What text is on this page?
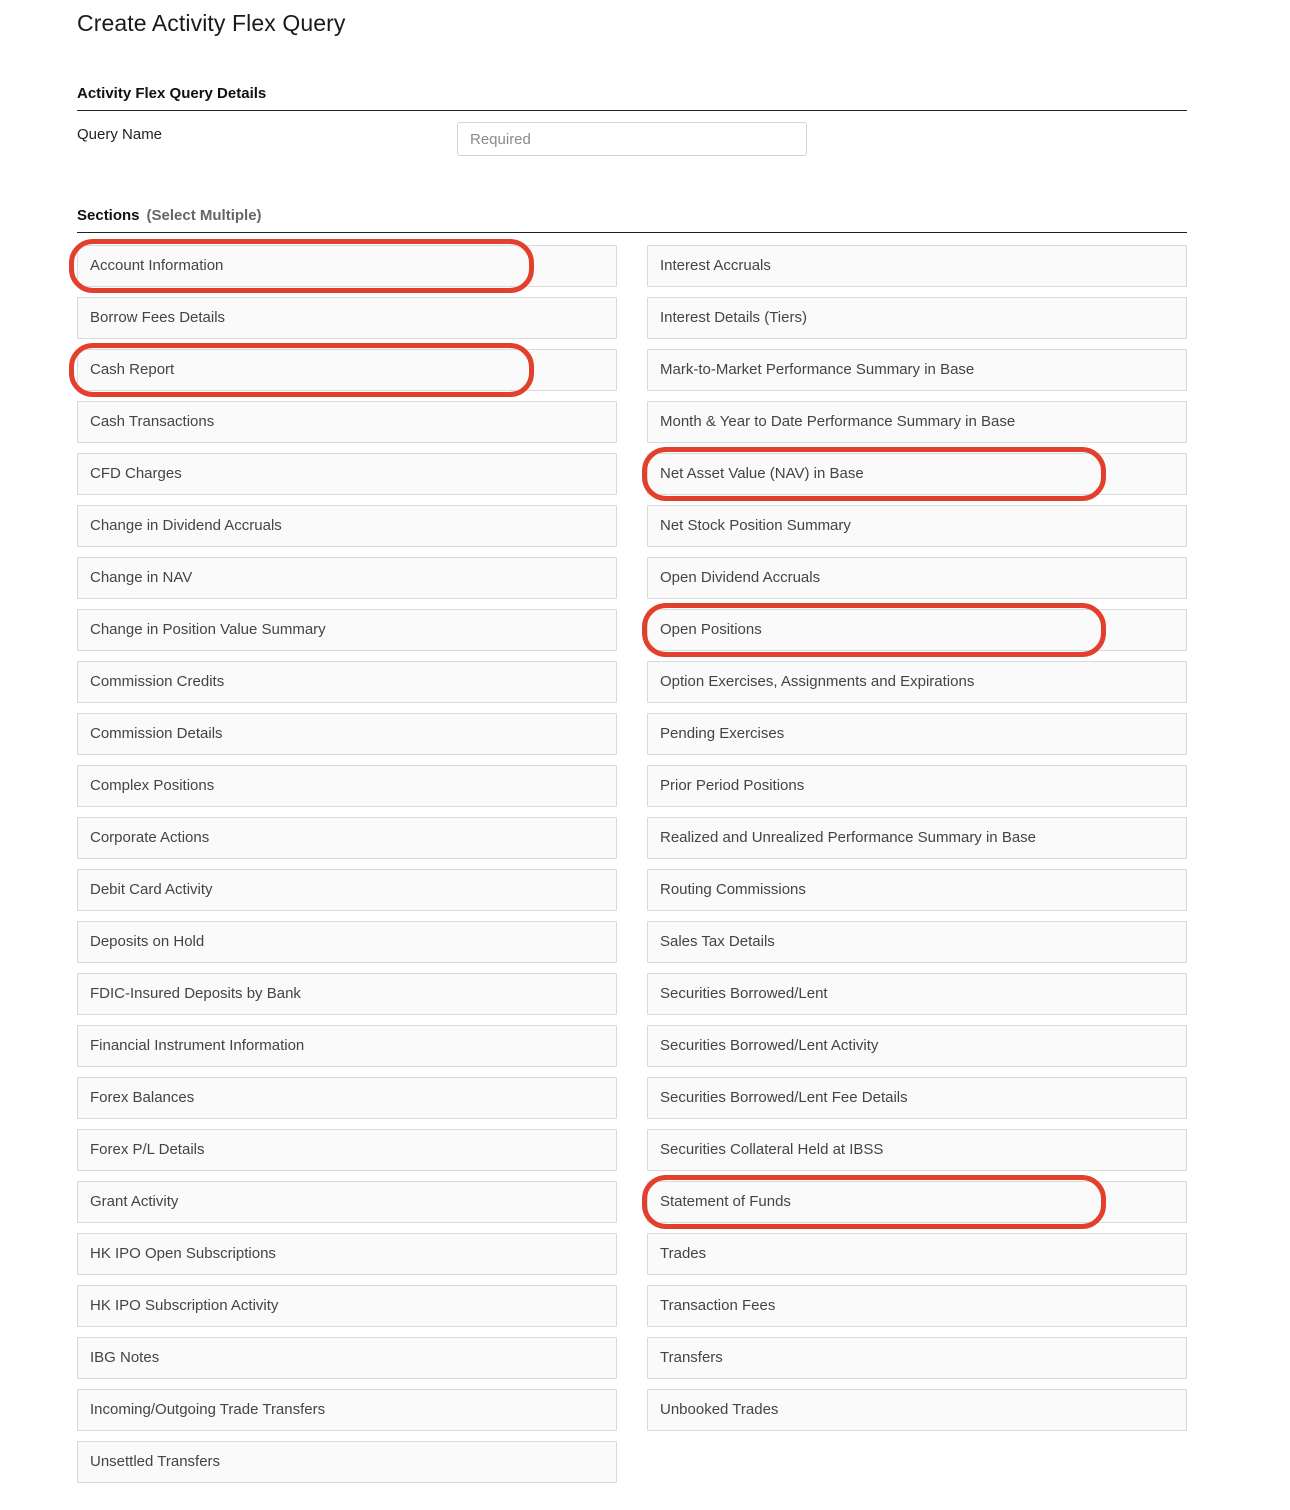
Create Activity Flex Query
Activity Flex Query Details
Query Name
Required
Sections (Select Multiple)
Account Information
Borrow Fees Details
Cash Report
Cash Transactions
CFD Charges
Change in Dividend Accruals
Change in NAV
Change in Position Value Summary
Commission Credits
Commission Details
Complex Positions
Corporate Actions
Debit Card Activity
Deposits on Hold
FDIC-Insured Deposits by Bank
Financial Instrument Information
Forex Balances
Forex P/L Details
Grant Activity
HK IPO Open Subscriptions
HK IPO Subscription Activity
IBG Notes
Incoming/Outgoing Trade Transfers
Unsettled Transfers
Interest Accruals
Interest Details (Tiers)
Mark-to-Market Performance Summary in Base
Month & Year to Date Performance Summary in Base
Net Asset Value (NAV) in Base
Net Stock Position Summary
Open Dividend Accruals
Open Positions
Option Exercises, Assignments and Expirations
Pending Exercises
Prior Period Positions
Realized and Unrealized Performance Summary in Base
Routing Commissions
Sales Tax Details
Securities Borrowed/Lent
Securities Borrowed/Lent Activity
Securities Borrowed/Lent Fee Details
Securities Collateral Held at IBSS
Statement of Funds
Trades
Transaction Fees
Transfers
Unbooked Trades
